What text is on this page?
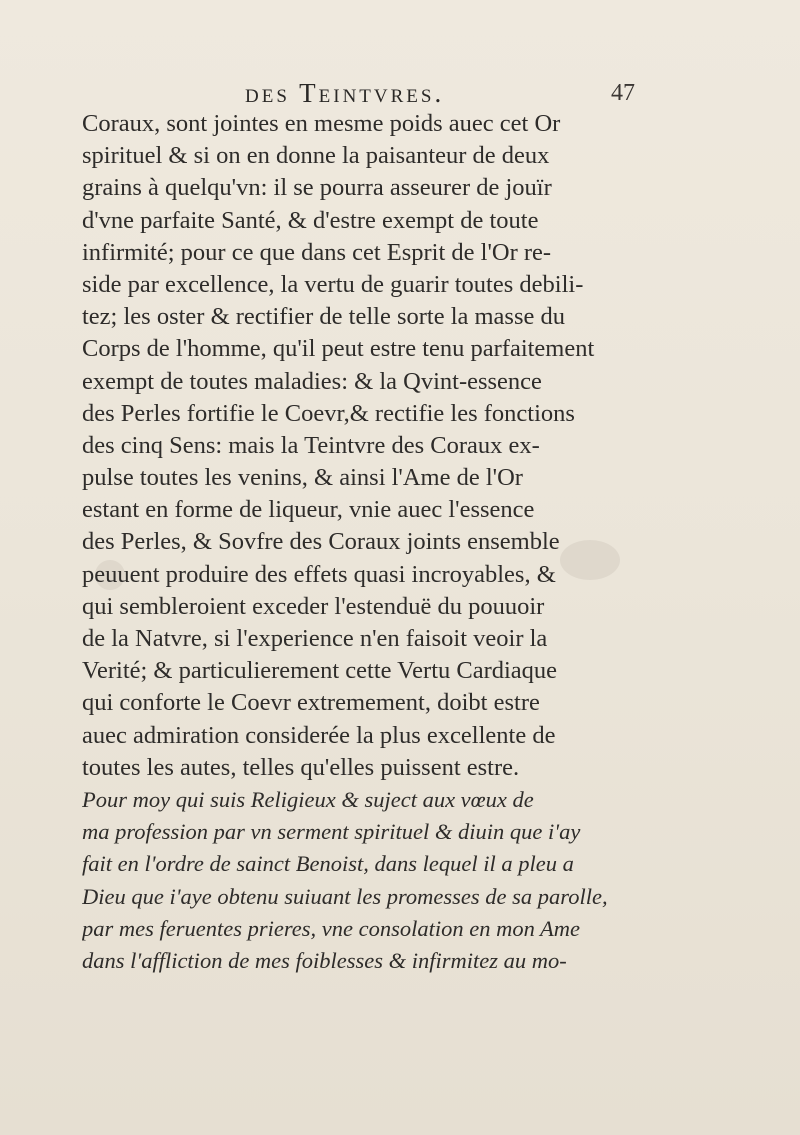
des Teintvres.	47
Coraux, sont jointes en mesme poids auec cet Or
spirituel & si on en donne la paisanteur de deux
grains à quelqu'vn: il se pourra asseurer de jouïr
d'vne parfaite Santé, & d'estre exempt de toute
infirmité; pour ce que dans cet Esprit de l'Or re-
side par excellence, la vertu de guarir toutes debili-
tez; les oster & rectifier de telle sorte la masse du
Corps de l'homme, qu'il peut estre tenu parfaitement
exempt de toutes maladies: & la Qvint-essence
des Perles fortifie le Coevr,& rectifie les fonctions
des cinq Sens: mais la Teintvre des Coraux ex-
pulse toutes les venins, & ainsi l'Ame de l'Or
estant en forme de liqueur, vnie auec l'essence
des Perles, & Sovfre des Coraux joints ensemble
peuuent produire des effets quasi incroyables, &
qui sembleroient exceder l'estenduë du pouuoir
de la Natvre, si l'experience n'en faisoit veoir la
Verité; & particulierement cette Vertu Cardiaque
qui conforte le Coevr extremement, doibt estre
auec admiration considerée la plus excellente de
toutes les autes, telles qu'elles puissent estre.
Pour moy qui suis Religieux & suject aux vœux de
ma profession par vn serment spirituel & diuin que i'ay
fait en l'ordre de sainct Benoist, dans lequel il a pleu a
Dieu que i'aye obtenu suiuant les promesses de sa parolle,
par mes feruentes prieres, vne consolation en mon Ame
dans l'affliction de mes foiblesses & infirmitez au mo-
